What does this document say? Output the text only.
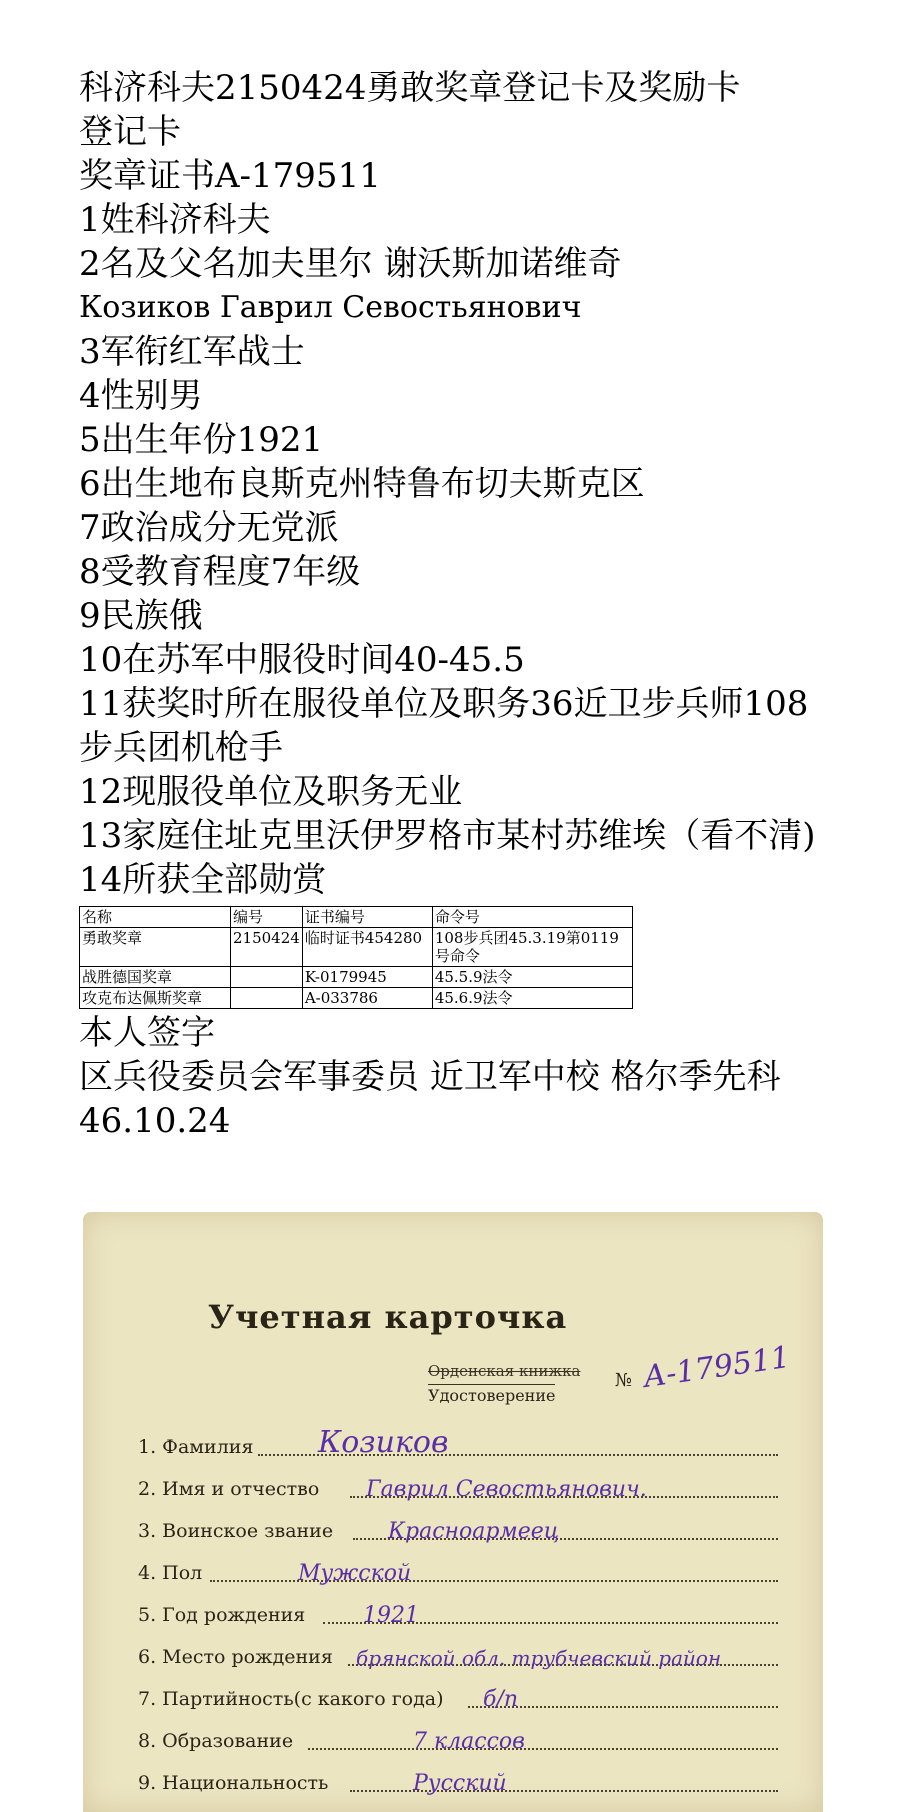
科济科夫2150424勇敢奖章登记卡及奖励卡
登记卡
奖章证书A-179511
1姓科济科夫
2名及父名加夫里尔 谢沃斯加诺维奇
Козиков Гаврил Севостьянович
3军衔红军战士
4性别男
5出生年份1921
6出生地布良斯克州特鲁布切夫斯克区
7政治成分无党派
8受教育程度7年级
9民族俄
10在苏军中服役时间40-45.5
11获奖时所在服役单位及职务36近卫步兵师108步兵团机枪手
12现服役单位及职务无业
13家庭住址克里沃伊罗格市某村苏维埃（看不清)
14所获全部勋赏
名称	编号	证书编号	命令号
勇敢奖章	2150424	临时证书454280	108步兵团45.3.19第0119号命令
战胜德国奖章		K-0179945	45.5.9法令
攻克布达佩斯奖章		A-033786	45.6.9法令
本人签字
区兵役委员会军事委员 近卫军中校 格尔季先科
46.10.24
Учетная карточка
Орденская книжка
Удостоверение
№ А-179511
1. Фамилия Козиков
2. Имя и отчество Гаврил Севостьянович.
3. Воинское звание Красноармеец
4. Пол	Мужской
5. Год рождения	1921
6. Место рождения брянской обл. трубчевский район
7. Партийность(с какого года) б/п
8. Образование	7 классов
9. Национальность	Русский
